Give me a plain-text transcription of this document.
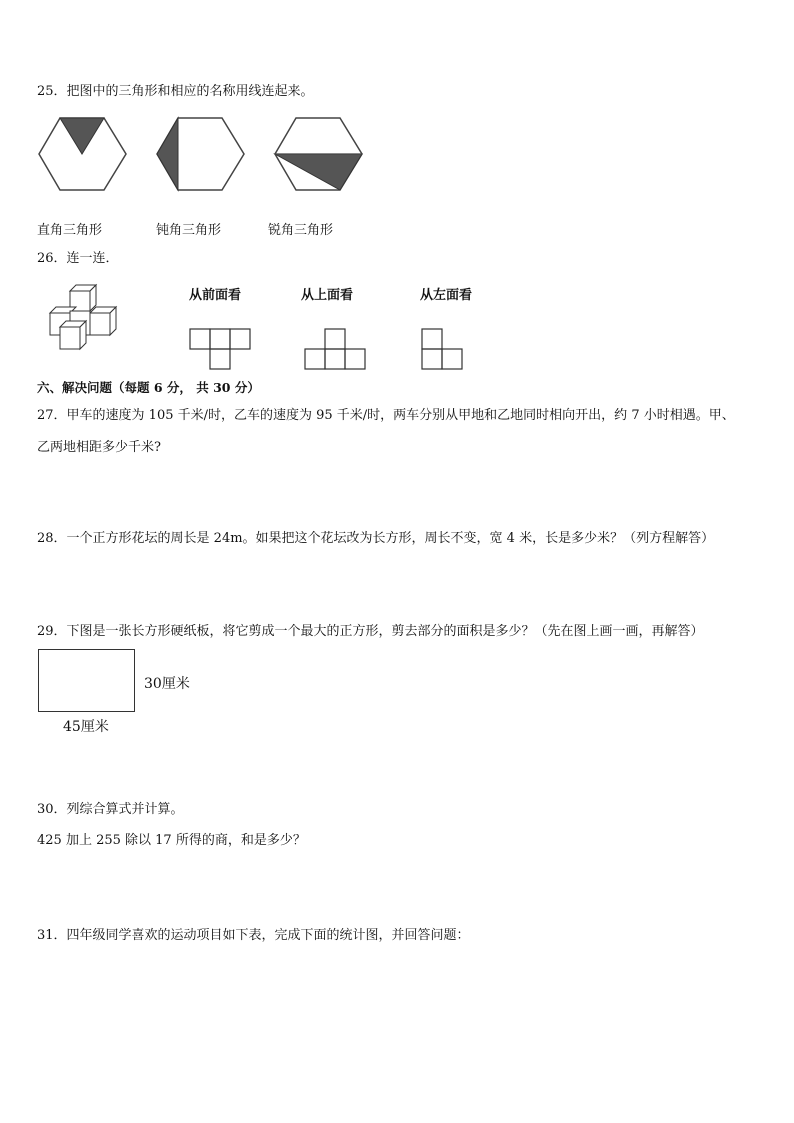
25．把图中的三角形和相应的名称用线连起来。
直角三角形	钝角三角形	锐角三角形
26．连一连．
从前面看	从上面看	从左面看
六、解决问题（每题 6 分， 共 30 分）
27．甲车的速度为 105 千米/时，乙车的速度为 95 千米/时，两车分别从甲地和乙地同时相向开出，约 7 小时相遇。甲、
乙两地相距多少千米?
28．一个正方形花坛的周长是 24m。如果把这个花坛改为长方形，周长不变，宽 4 米，长是多少米？（列方程解答）
29．下图是一张长方形硬纸板，将它剪成一个最大的正方形，剪去部分的面积是多少？（先在图上画一画，再解答）
30厘米
45厘米
30．列综合算式并计算。
425 加上 255 除以 17 所得的商，和是多少？
31．四年级同学喜欢的运动项目如下表，完成下面的统计图，并回答问题：
